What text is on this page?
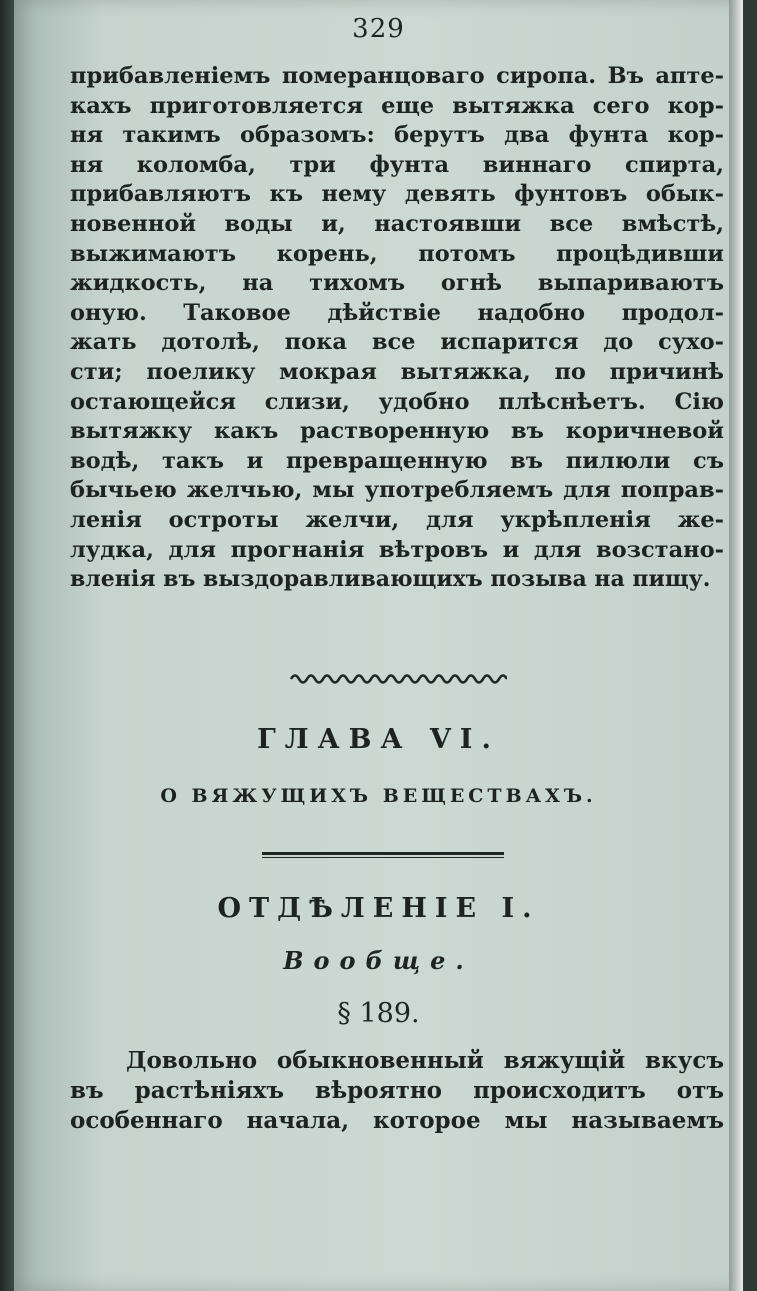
329
прибавленіемъ померанцоваго сиропа. Въ апте-
кахъ приготовляется еще вытяжка сего кор-
ня такимъ образомъ: берутъ два фунта кор-
ня коломба, три фунта виннаго спирта,
прибавляютъ къ нему девять фунтовъ обык-
новенной воды и, настоявши все вмѣстѣ,
выжимаютъ корень, потомъ процѣдивши
жидкость, на тихомъ огнѣ выпариваютъ
оную. Таковое дѣйствіе надобно продол-
жать дотолѣ, пока все испарится до сухо-
сти; поелику мокрая вытяжка, по причинѣ
остающейся слизи, удобно плѣснѣетъ. Сію
вытяжку какъ растворенную въ коричневой
водѣ, такъ и превращенную въ пилюли съ
бычьею желчью, мы употребляемъ для поправ-
ленія остроты желчи, для укрѣпленія же-
лудка, для прогнанія вѣтровъ и для возстано-
вленія въ выздоравливающихъ позыва на пищу.
ГЛАВА VI.
О ВЯЖУЩИХЪ ВЕЩЕСТВАХЪ.
ОТДѢЛЕНІЕ I.
Вообще.
§ 189.
Довольно обыкновенный вяжущій вкусъ
въ растѣніяхъ вѣроятно происходитъ отъ
особеннаго начала, которое мы называемъ
